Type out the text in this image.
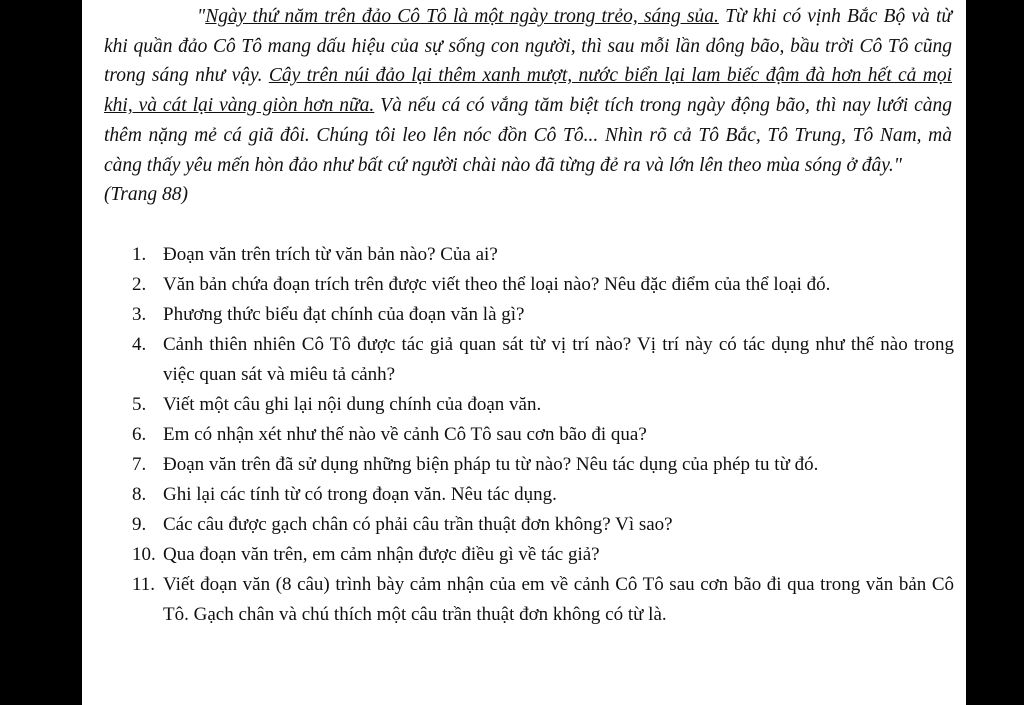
"Ngày thứ năm trên đảo Cô Tô là một ngày trong trẻo, sáng sủa. Từ khi có vịnh Bắc Bộ và từ khi quần đảo Cô Tô mang dấu hiệu của sự sống con người, thì sau mỗi lần dông bão, bầu trời Cô Tô cũng trong sáng như vậy. Cây trên núi đảo lại thêm xanh mượt, nước biển lại lam biếc đậm đà hơn hết cả mọi khi, và cát lại vàng giòn hơn nữa. Và nếu cá có vắng tăm biệt tích trong ngày động bão, thì nay lưới càng thêm nặng mẻ cá giã đôi. Chúng tôi leo lên nóc đồn Cô Tô... Nhìn rõ cả Tô Bắc, Tô Trung, Tô Nam, mà càng thấy yêu mến hòn đảo như bất cứ người chài nào đã từng đẻ ra và lớn lên theo mùa sóng ở đây."
(Trang 88)

1. Đoạn văn trên trích từ văn bản nào? Của ai?
2. Văn bản chứa đoạn trích trên được viết theo thể loại nào? Nêu đặc điểm của thể loại đó.
3. Phương thức biểu đạt chính của đoạn văn là gì?
4. Cảnh thiên nhiên Cô Tô được tác giả quan sát từ vị trí nào? Vị trí này có tác dụng như thế nào trong việc quan sát và miêu tả cảnh?
5. Viết một câu ghi lại nội dung chính của đoạn văn.
6. Em có nhận xét như thế nào về cảnh Cô Tô sau cơn bão đi qua?
7. Đoạn văn trên đã sử dụng những biện pháp tu từ nào? Nêu tác dụng của phép tu từ đó.
8. Ghi lại các tính từ có trong đoạn văn. Nêu tác dụng.
9. Các câu được gạch chân có phải câu trần thuật đơn không? Vì sao?
10. Qua đoạn văn trên, em cảm nhận được điều gì về tác giả?
11. Viết đoạn văn (8 câu) trình bày cảm nhận của em về cảnh Cô Tô sau cơn bão đi qua trong văn bản Cô Tô. Gạch chân và chú thích một câu trần thuật đơn không có từ là.
